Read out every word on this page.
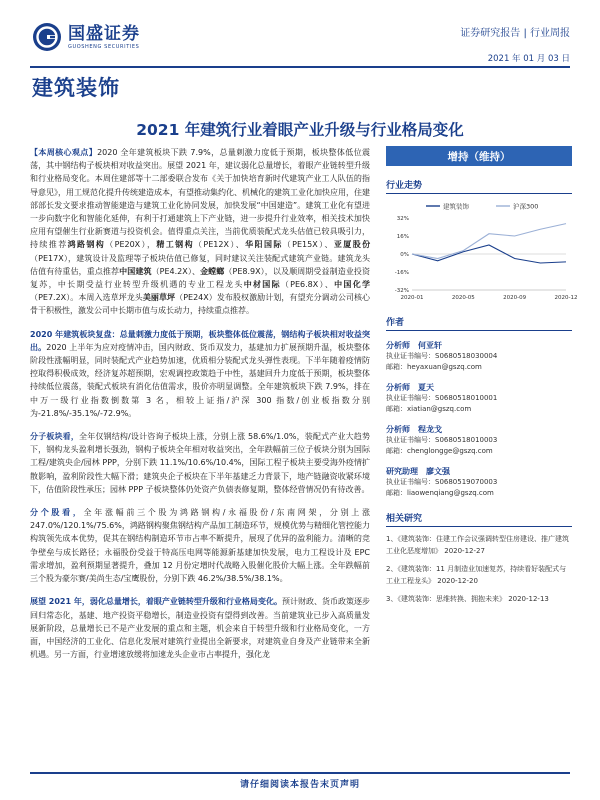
国盛证券
GUOSHENG SECURITIES
证券研究报告 | 行业周报
2021 年 01 月 03 日
建筑装饰
2021 年建筑行业着眼产业升级与行业格局变化

【本周核心观点】2020 全年建筑板块下跌 7.9%，总量刺激力度低于预期，板块整体低位震荡，其中钢结构子板块相对收益突出。展望 2021 年，建议弱化总量增长，着眼产业链转型升级和行业格局变化。本周住建部等十二部委联合发布《关于加快培育新时代建筑产业工人队伍的指导意见》，用工规范化提升传统建造成本，有望推动集约化、机械化的建筑工业化加快应用，住建部部长发文要求推动智能建造与建筑工业化协同发展，加快发展“中国建造”。建筑工业化有望进一步向数字化和智能化延伸，有利于打通建筑上下产业链，进一步提升行业效率，相关技术加快应用有望催生行业新赛道与投资机会。值得重点关注，当前优质装配式龙头估值已较具吸引力，持续推荐鸿路钢构（PE20X），精工钢构（PE12X）、华阳国际（PE15X）、亚厦股份（PE17X），建筑设计及监理等子板块估值已修复，同时建议关注装配式建筑产业链。建筑龙头估值有待重估，重点推荐中国建筑（PE4.2X）、金螳螂（PE8.9X），以及顺周期受益制造业投资复苏，中长期受益行业转型升级机遇的专业工程龙头中材国际（PE6.8X）、中国化学（PE7.2X）。本周入选草坪龙头美丽草坪（PE24X）发布股权激励计划，有望充分调动公司核心骨干积极性，激发公司中长期市值与成长动力，持续重点推荐。

2020 年建筑板块复盘：总量刺激力度低于预期，板块整体低位震荡，钢结构子板块相对收益突出。2020 上半年为应对疫情冲击，国内财政、货币双发力，基建加力扩展预期升温，板块整体阶段性涨幅明显，同时装配式产业趋势加速，优质相分装配式龙头弹性表现。下半年随着疫情防控取得积极成效，经济复苏超预期，宏观调控政策趋于中性，基建回升力度低于预期，板块整体持续低位震荡，装配式板块有消化估值需求，股价亦明显调整。全年建筑板块下跌 7.9%，排在中万一级行业指数倒数第 3 名，相较上证指/沪深 300 指数/创业板指数分别为-21.8%/-35.1%/-72.9%。

分子板块看，全年仅钢结构/设计咨询子板块上涨，分别上涨 58.6%/1.0%，装配式产业大趋势下，钢构龙头盈利增长强劲，钢构子板块全年相对收益突出，全年跌幅前三位子板块分别为国际工程/建筑央企/园林 PPP，分别下跌 11.1%/10.6%/10.4%，国际工程子板块主要受海外疫情扩散影响，盈利阶段性大幅下滑；建筑央企子板块在下半年基建乏力背景下，地产链融资收紧环境下，估值阶段性承压；园林 PPP 子板块整体仍处资产负债表修复期，整体经营情况仍有待改善。

分个股看，全年涨幅前三个股为鸿路钢构/永福股份/东南网架，分别上涨 247.0%/120.1%/75.6%，鸿路钢构聚焦钢结构产品加工制造环节，规模优势与精细化管控能力构筑领先成本优势，促其在钢结构制造环节市占率不断提升，展现了优异的盈利能力。清晰的竞争壁垒与成长路径；永福股份受益于特高压电网等能源新基建加快发展，电力工程设计及 EPC 需求增加，盈利预期显著提升，叠加 12 月份定增时代战略入股催化股价大幅上涨。全年跌幅前三个股为豪尔赛/美尚生态/宝鹰股份，分别下跌 46.2%/38.5%/38.1%。

展望 2021 年，弱化总量增长，着眼产业链转型升级和行业格局变化。预计财政、货币政策逐步回归常态化，基建、地产投资平稳增长，制造业投资有望得到改善。当前建筑业已步入高质量发展新阶段，总量增长已不是产业发展的重点和主题，机会来自于转型升级和行业格局变化，一方面，中国经济的工业化、信息化发展对建筑行业提出全新要求，对建筑业自身及产业链带来全新机遇。另一方面，行业增速放缓将加速龙头企业市占率提升，强化龙

增持（维持）
行业走势
建筑装饰	沪深300
32%
16%
0%
-16%
-32%
2020-01	2020-05	2020-09	2020-12
作者
分析师 何亚轩
执业证书编号：S0680518030004
邮箱：heyaxuan@gszq.com
分析师 夏天
执业证书编号：S0680518010001
邮箱：xiatian@gszq.com
分析师 程龙戈
执业证书编号：S0680518010003
邮箱：chenglongge@gszq.com
研究助理 廖文强
执业证书编号：S0680519070003
邮箱：liaowenqiang@gszq.com
相关研究
1、《建筑装饰：住建工作会议强调转型住房建设、推广建筑工业化恶度增加》 2020-12-27
2、《建筑装饰：11 月制造业加速复苏，持续看好装配式与工业工程龙头》 2020-12-20
3、《建筑装饰：思维转换、拥抱未来》 2020-12-13
请仔细阅读本报告末页声明
